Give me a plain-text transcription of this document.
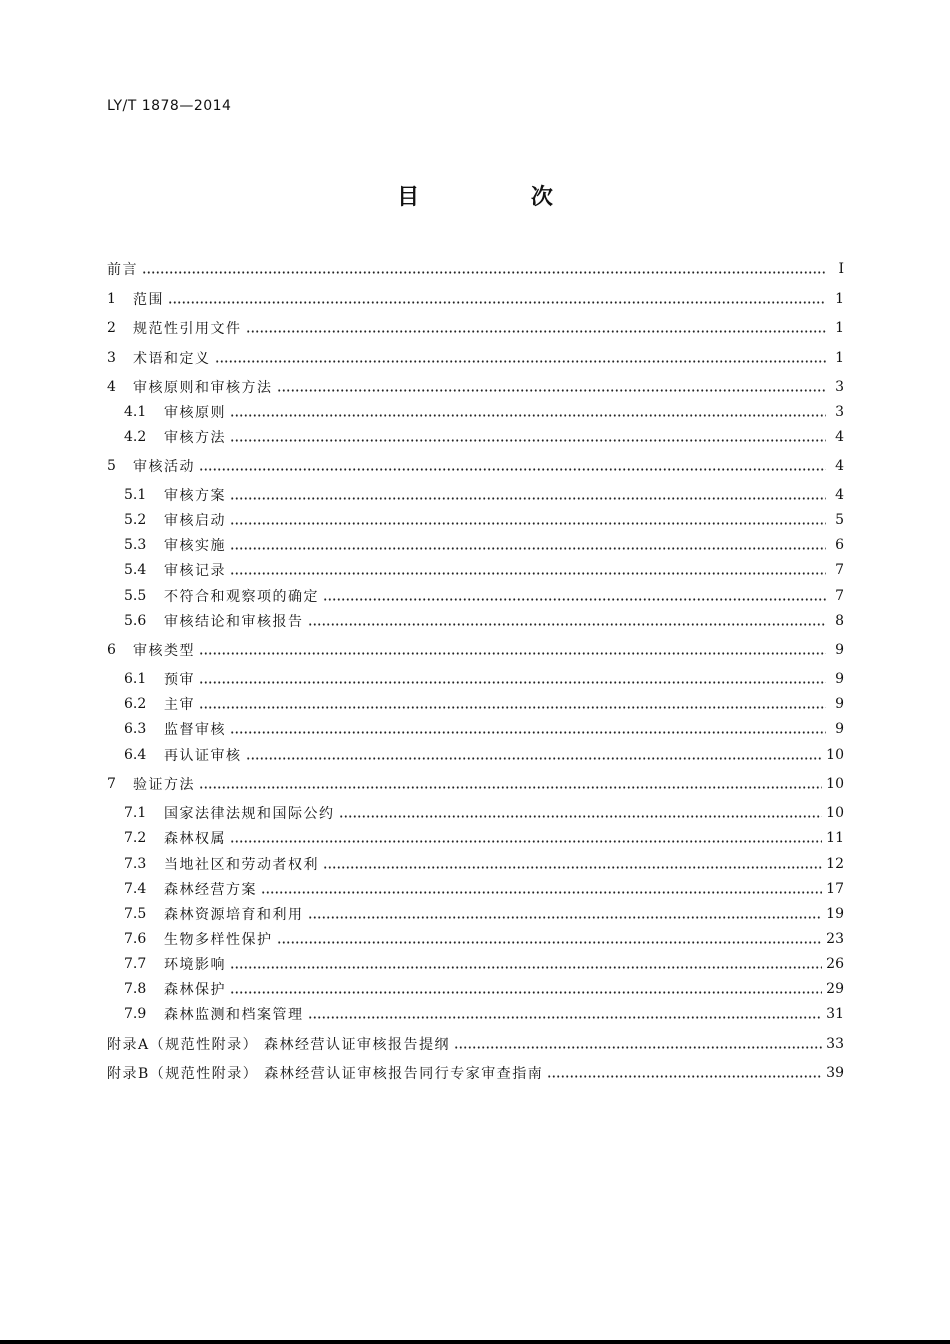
LY/T 1878—2014
目 次
前言	Ⅰ
1	范围	1
2	规范性引用文件	1
3	术语和定义	1
4	审核原则和审核方法	3
4.1	审核原则	3
4.2	审核方法	4
5	审核活动	4
5.1	审核方案	4
5.2	审核启动	5
5.3	审核实施	6
5.4	审核记录	7
5.5	不符合和观察项的确定	7
5.6	审核结论和审核报告	8
6	审核类型	9
6.1	预审	9
6.2	主审	9
6.3	监督审核	9
6.4	再认证审核	10
7	验证方法	10
7.1	国家法律法规和国际公约	10
7.2	森林权属	11
7.3	当地社区和劳动者权利	12
7.4	森林经营方案	17
7.5	森林资源培育和利用	19
7.6	生物多样性保护	23
7.7	环境影响	26
7.8	森林保护	29
7.9	森林监测和档案管理	31
附录A（规范性附录） 森林经营认证审核报告提纲	33
附录B（规范性附录） 森林经营认证审核报告同行专家审查指南	39
